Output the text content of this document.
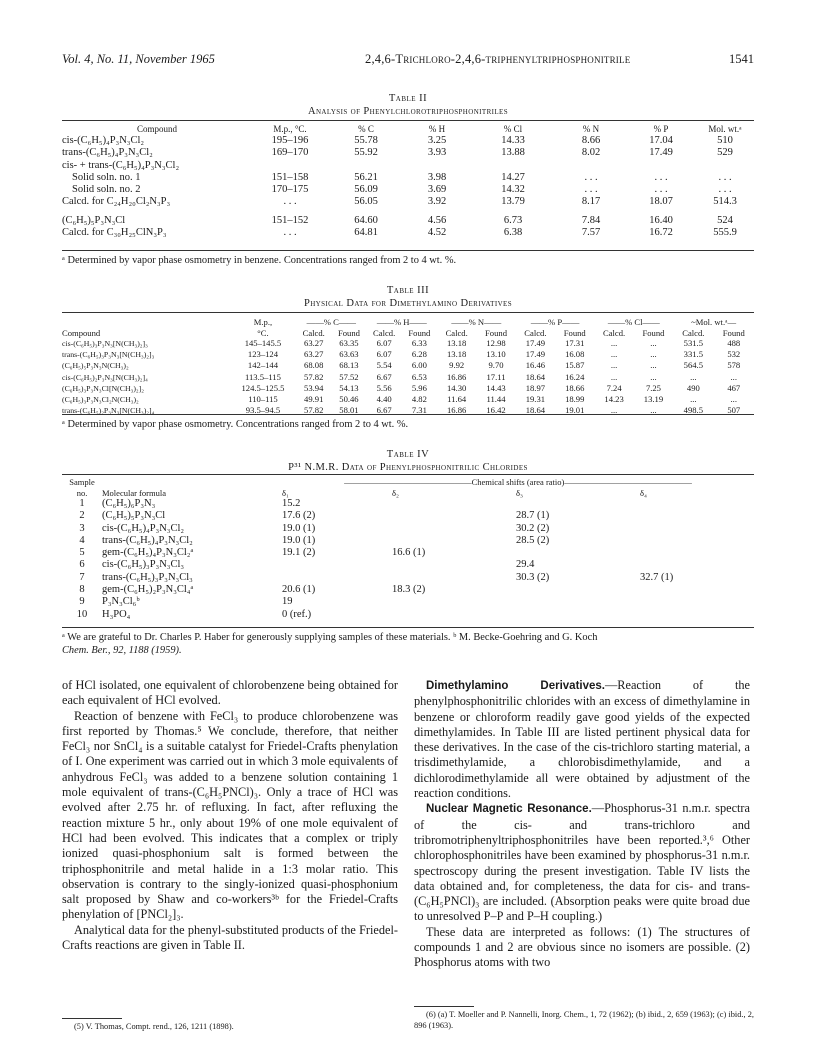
Vol. 4, No. 11, November 1965	2,4,6-Trichloro-2,4,6-triphenyltriphosphonitrile	1541
Table II
Analysis of Phenylchlorotriphosphonitriles
Compound	M.p., °C.	% C	% H	% Cl	% N	% P	Mol. wt.ᵃ
cis-(C₆H₅)₄P₃N₃Cl₂	195–196	55.78	3.25	14.33	8.66	17.04	510
trans-(C₆H₅)₄P₃N₃Cl₂	169–170	55.92	3.93	13.88	8.02	17.49	529
cis- + trans-(C₆H₅)₄P₃N₃Cl₂							
Solid soln. no. 1	151–158	56.21	3.98	14.27	. . .	. . .	. . .
Solid soln. no. 2	170–175	56.09	3.69	14.32	. . .	. . .	. . .
Calcd. for C₂₄H₂₀Cl₂N₃P₃	. . .	56.05	3.92	13.79	8.17	18.07	514.3

(C₆H₅)₅P₃N₃Cl	151–152	64.60	4.56	6.73	7.84	16.40	524
Calcd. for C₃₀H₂₅ClN₃P₃	. . .	64.81	4.52	6.38	7.57	16.72	555.9
ᵃ Determined by vapor phase osmometry in benzene. Concentrations ranged from 2 to 4 wt. %.
Table III
Physical Data for Dimethylamino Derivatives
	M.p.,	——% C——		——% H——		——% N——		——% P——		——% Cl——		~Mol. wt.ᵃ—	
Compound	°C.	Calcd.	Found	Calcd.	Found	Calcd.	Found	Calcd.	Found	Calcd.	Found	Calcd.	Found
cis-(C₆H₅)₃P₃N₃[N(CH₃)₂]₃	145–145.5	63.27	63.35	6.07	6.33	13.18	12.98	17.49	17.31	...	...	531.5	488
trans-(C₆H₅)₃P₃N₃[N(CH₃)₂]₃	123–124	63.27	63.63	6.07	6.28	13.18	13.10	17.49	16.08	...	...	331.5	532
(C₆H₅)₅P₃N₃N(CH₃)₂	142–144	68.08	68.13	5.54	6.00	9.92	9.70	16.46	15.87	...	...	564.5	578
cis-(C₆H₅)₂P₃N₃[N(CH₃)₂]₄	113.5–115	57.82	57.52	6.67	6.53	16.86	17.11	18.64	16.24	...	...	...	...
(C₆H₅)₃P₃N₃Cl[N(CH₃)₂]₂	124.5–125.5	53.94	54.13	5.56	5.96	14.30	14.43	18.97	18.66	7.24	7.25	490	467
(C₆H₅)₃P₃N₃Cl₂N(CH₃)₂	110–115	49.91	50.46	4.40	4.82	11.64	11.44	19.31	18.99	14.23	13.19	...	...
trans-(C₆H₅)₂P₃N₃[N(CH₃)₂]₄	93.5–94.5	57.82	58.01	6.67	7.31	16.86	16.42	18.64	19.01	...	...	498.5	507
ᵃ Determined by vapor phase osmometry. Concentrations ranged from 2 to 4 wt. %.
Table IV
P³¹ N.M.R. Data of Phenylphosphonitrilic Chlorides
Sample		———————————————Chemical shifts (area ratio)———————————————			
no.	Molecular formula	δ₁	δ₂	δ₃	δ₄
1	(C₆H₅)₆P₃N₃	15.2			
2	(C₆H₅)₅P₃N₃Cl	17.6 (2)		28.7 (1)	
3	cis-(C₆H₅)₄P₃N₃Cl₂	19.0 (1)		30.2 (2)	
4	trans-(C₆H₅)₄P₃N₃Cl₂	19.0 (1)		28.5 (2)	
5	gem-(C₆H₅)₄P₃N₃Cl₂ᵃ	19.1 (2)	16.6 (1)		
6	cis-(C₆H₅)₃P₃N₃Cl₃			29.4	
7	trans-(C₆H₅)₃P₃N₃Cl₃			30.3 (2)	32.7 (1)
8	gem-(C₆H₅)₂P₃N₃Cl₄ᵃ	20.6 (1)	18.3 (2)		
9	P₃N₃Cl₆ᵇ	19			
10	H₃PO₄	0 (ref.)			
ᵃ We are grateful to Dr. Charles P. Haber for generously supplying samples of these materials. ᵇ M. Becke-Goehring and G. Koch
Chem. Ber., 92, 1188 (1959).

of HCl isolated, one equivalent of chlorobenzene being obtained for each equivalent of HCl evolved.

Reaction of benzene with FeCl₃ to produce chlorobenzene was first reported by Thomas.⁵ We conclude, therefore, that neither FeCl₃ nor SnCl₄ is a suitable catalyst for Friedel-Crafts phenylation of I. One experiment was carried out in which 3 mole equivalents of anhydrous FeCl₃ was added to a benzene solution containing 1 mole equivalent of trans-(C₆H₅PNCl)₃. Only a trace of HCl was evolved after 2.75 hr. of refluxing. In fact, after refluxing the reaction mixture 5 hr., only about 19% of one mole equivalent of HCl had been evolved. This indicates that a complex or triply ionized quasi-phosphonium salt is formed between the triphosphonitrile and metal halide in a 1:3 molar ratio. This observation is contrary to the singly-ionized quasi-phosphonium salt proposed by Shaw and co-workers³ᵇ for the Friedel-Crafts phenylation of [PNCl₂]₃.

Analytical data for the phenyl-substituted products of the Friedel-Crafts reactions are given in Table II.

(5) V. Thomas, Compt. rend., 126, 1211 (1898).

Dimethylamino Derivatives.—Reaction of the phenylphosphonitrilic chlorides with an excess of dimethylamine in benzene or chloroform readily gave good yields of the expected dimethylamides. In Table III are listed pertinent physical data for these derivatives. In the case of the cis-trichloro starting material, a trisdimethylamide, a chlorobisdimethylamide, and a dichlorodimethylamide all were obtained by adjustment of the reaction conditions.

Nuclear Magnetic Resonance.—Phosphorus-31 n.m.r. spectra of the cis- and trans-trichloro and tribromotriphenyltriphosphonitriles have been reported.³,⁶ Other chlorophosphonitriles have been examined by phosphorus-31 n.m.r. spectroscopy during the present investigation. Table IV lists the data obtained and, for completeness, the data for cis- and trans-(C₆H₅PNCl)₃ are included. (Absorption peaks were quite broad due to unresolved P–P and P–H coupling.)

These data are interpreted as follows: (1) The structures of compounds 1 and 2 are obvious since no isomers are possible. (2) Phosphorus atoms with two

(6) (a) T. Moeller and P. Nannelli, Inorg. Chem., 1, 72 (1962); (b) ibid., 2, 659 (1963); (c) ibid., 2, 896 (1963).
